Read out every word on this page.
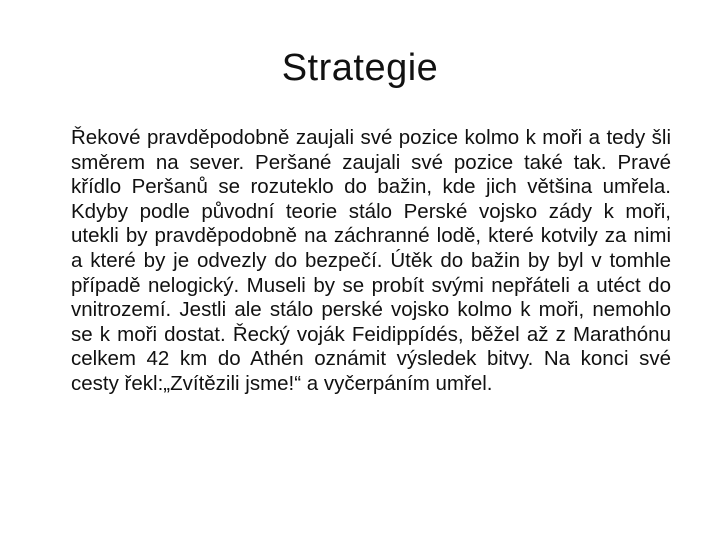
Strategie

Řekové pravděpodobně zaujali své pozice kolmo k moři a tedy šli směrem na sever. Peršané zaujali své pozice také tak. Pravé křídlo Peršanů se rozuteklo do bažin, kde jich většina umřela. Kdyby podle původní teorie stálo Perské vojsko zády k moři, utekli by pravděpodobně na záchranné lodě, které kotvily za nimi a které by je odvezly do bezpečí. Útěk do bažin by byl v tomhle případě nelogický. Museli by se probít svými nepřáteli a utéct do vnitrozemí. Jestli ale stálo perské vojsko kolmo k moři, nemohlo se k moři dostat. Řecký voják Feidippídés, běžel až z Marathónu celkem 42 km do Athén oznámit výsledek bitvy. Na konci své cesty řekl:„Zvítězili jsme!“ a vyčerpáním umřel.
